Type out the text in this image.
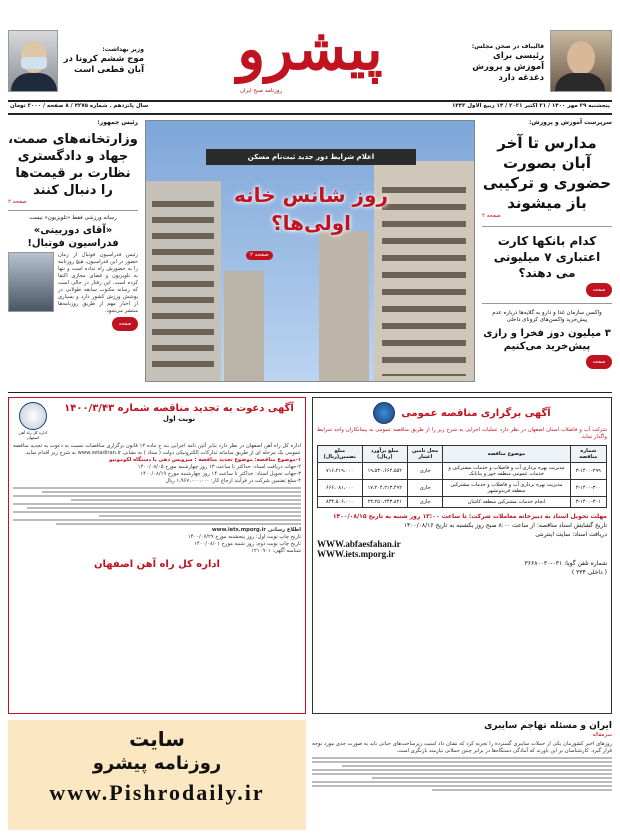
قالیباف در صحن مجلس:
رئیسی برای آموزش و پرورش دغدغه دارد
پیشرو
روزنامه صبح ایران
وزیر بهداشت:
موج ششم کرونا در آبان قطعی است
پنجشنبه ۲۹ مهر ۱۴۰۰ / ۲۱ اکتبر ۲۰۲۱ / ۱۴ ربیع الاول ۱۴۴۳
سال پانزدهم . شماره ۴۲۷۵ / ۸ صفحه / ۲۰۰۰ تومان
سرپرست آموزش و پرورش:
مدارس تا آخر آبان بصورت حضوری و ترکیبی باز میشوند
صفحه ۲
کدام بانکها کارت اعتباری ۷ میلیونی می دهند؟
صفحه
واکسن سازمان غذا و دارو به گلایه‌ها درباره عدم پیش‌خرید واکسن‌های کرونای داخلی
۳ میلیون دوز فخرا و رازی پیش‌خرید می‌کنیم
صفحه
اعلام شرایط دور جدید ثبت‌نام مسکن
روز شانس خانه اولی‌ها؟
صفحه ۲
رئیس جمهور:
وزارتخانه‌های صمت، جهاد و دادگستری نظارت بر قیمت‌ها را دنبال کنند
صفحه ۲
رسانه ورزشی فقط «تلویزیون» نیست
«آقای دوربینی» فدراسیون فوتبال!
رئیس فدراسیون فوتبال از زمان حضور در این فدراسیون، هیچ روزنامه را به حضورش راه نداده است و تنها به تلویزیون و فضای مجازی اکتفا کرده است. این رفتار در حالی است که رسانه مکتوب سابقه طولانی در پوشش ورزش کشور دارد و بسیاری از اخبار مهم از طریق روزنامه‌ها منتشر می‌شود.
صفحه
آگهی برگزاری مناقصه عمومی
شرکت آب و فاضلاب استان اصفهان در نظر دارد عملیات اجرایی به شرح زیر را از طریق مناقصه عمومی به پیمانکاران واجد شرایط واگذار نماید.
شماره مناقصه	موضوع مناقصه	محل تامین اعتبار	مبلغ برآورد (ریال)	مبلغ تضمین(ریال)
۳-۱۴۰۰-۲۹۹	مدیریت بهره برداری آب و فاضلاب و خدمات مشترکین و خدمات عمومی منطقه خور و بیابانک	جاری	۱۹،۵۳۰،۶۶۴،۵۵۲	۷۱۶،۲۱۹،۰۰۰
۳-۱۴۰۰-۳۰۰	مدیریت بهره برداری آب و فاضلاب و خدمات مشترکین منطقه فریدونشهر	جاری	۱۷،۲۰۴،۲۱۳،۴۹۲	۶۶۶،۰۸۱،۰۰۰
۳-۱۴۰۰-۳۰۱	انجام خدمات مشترکین منطقه کاشان	جاری	۲۳،۲۵۰،۲۴۳،۸۲۱	۸۳۴،۵۰۶،۰۰۰
مهلت تحویل اسناد به دبیرخانه معاملات شرکت: تا ساعت ۱۳:۰۰ روز شنبه به تاریخ ۱۴۰۰/۰۸/۱۵
تاریخ گشایش اسناد مناقصه: از ساعت ۸:۰۰ صبح روز یکشنبه به تاریخ ۱۴۰۰/۰۸/۱۶
دریافت اسناد: سایت اینترنتی
WWW.abfaesfahan.ir
WWW.iets.mporg.ir
شماره تلفن گویا: ۰۳۱-۳۶۶۸۰۰۳۰
( داخلی ۳۳۴ )
آگهی دعوت به تجدید مناقصه شماره ۱۴۰۰/۳/۴۳
نوبت اول
اداره کل راه آهن اصفهان
اداره کل راه آهن اصفهان در نظر دارد بنابر آئین نامه اجرایی بند ج ماده ۱۲ قانون برگزاری مناقصات نسبت به دعوت به تجدید مناقصه عمومی یک مرحله ای از طریق سامانه تدارکات الکترونیکی دولت ( ستاد ) به نشانی www.setadiran.ir به شرح زیر اقدام نماید.
۱-موضوع مناقصه: موضوع تجدید مناقصه : سرویس دهی یا دستگاه لکوموتیو
۲-جهات دریافت اسناد: حداکثر تا ساعت ۱۳ روز چهارشنبه مورخ ۱۴۰۰/۰۸/۰۵
۳-جهات تحویل اسناد: حداکثر تا ساعت ۱۴ روز چهارشنبه مورخ ۱۴۰۰/۰۸/۱۹
۴-مبلغ تضمین شرکت در فرآیند ارجاع کار: ۱،۹۶۷،۰۰۰،۰۰۰ ریال
اطلاع رسانی www.iets.mporg.ir
تاریخ چاپ نوبت اول: روز پنجشنبه مورخ ۱۴۰۰/۰۷/۲۹
تاریخ چاپ نوبت دوم: روز شنبه مورخ ۱۴۰۰/۰۸/۰۱
شناسه آگهی: ۱۲۱۰۹۰۱
اداره کل راه آهن اصفهان
ایران و مسئله تهاجم سایبری
سرمقاله
روزهای اخیر کشورمان یکی از حملات سایبری گسترده را تجربه کرد که نشان داد امنیت زیرساخت‌های حیاتی باید به صورت جدی مورد توجه قرار گیرد. کارشناسان بر این باورند که آمادگی دستگاه‌ها در برابر چنین حملاتی نیازمند بازنگری است.
سایت
روزنامه پیشرو
www.Pishrodaily.ir
